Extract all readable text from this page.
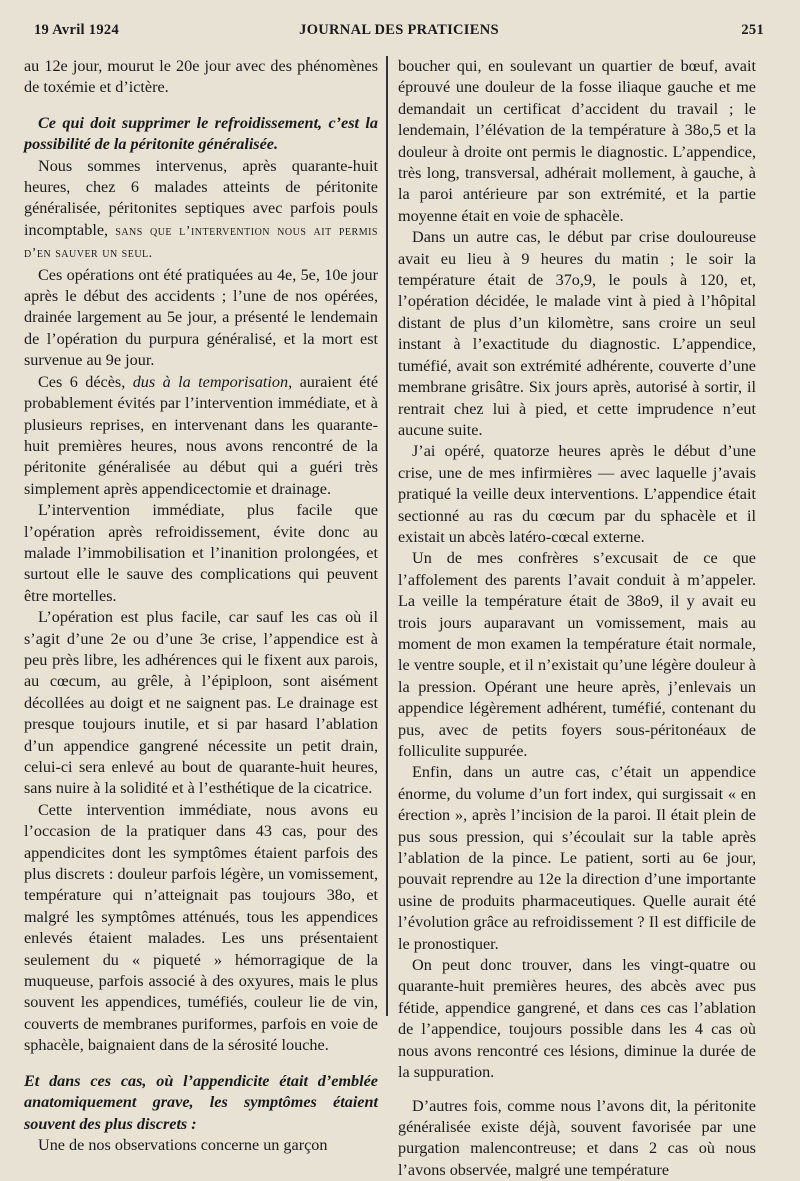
19 Avril 1924	JOURNAL DES PRATICIENS	251

au 12e jour, mourut le 20e jour avec des phénomènes de toxémie et d’ictère.

Ce qui doit supprimer le refroidissement, c’est la possibilité de la péritonite généralisée.

Nous sommes intervenus, après quarante-huit heures, chez 6 malades atteints de péritonite généralisée, péritonites septiques avec parfois pouls incomptable, sans que l’intervention nous ait permis d’en sauver un seul.

Ces opérations ont été pratiquées au 4e, 5e, 10e jour après le début des accidents ; l’une de nos opérées, drainée largement au 5e jour, a présenté le lendemain de l’opération du purpura généralisé, et la mort est survenue au 9e jour.

Ces 6 décès, dus à la temporisation, auraient été probablement évités par l’intervention immédiate, et à plusieurs reprises, en intervenant dans les quarante-huit premières heures, nous avons rencontré de la péritonite généralisée au début qui a guéri très simplement après appendicectomie et drainage.

L’intervention immédiate, plus facile que l’opération après refroidissement, évite donc au malade l’immobilisation et l’inanition prolongées, et surtout elle le sauve des complications qui peuvent être mortelles.

L’opération est plus facile, car sauf les cas où il s’agit d’une 2e ou d’une 3e crise, l’appendice est à peu près libre, les adhérences qui le fixent aux parois, au cœcum, au grêle, à l’épiploon, sont aisément décollées au doigt et ne saignent pas. Le drainage est presque toujours inutile, et si par hasard l’ablation d’un appendice gangrené nécessite un petit drain, celui-ci sera enlevé au bout de quarante-huit heures, sans nuire à la solidité et à l’esthétique de la cicatrice.

Cette intervention immédiate, nous avons eu l’occasion de la pratiquer dans 43 cas, pour des appendicites dont les symptômes étaient parfois des plus discrets : douleur parfois légère, un vomissement, température qui n’atteignait pas toujours 38o, et malgré les symptômes atténués, tous les appendices enlevés étaient malades. Les uns présentaient seulement du « piqueté » hémorragique de la muqueuse, parfois associé à des oxyures, mais le plus souvent les appendices, tuméfiés, couleur lie de vin, couverts de membranes puriformes, parfois en voie de sphacèle, baignaient dans de la sérosité louche.

Et dans ces cas, où l’appendicite était d’emblée anatomiquement grave, les symptômes étaient souvent des plus discrets :

Une de nos observations concerne un garçon

boucher qui, en soulevant un quartier de bœuf, avait éprouvé une douleur de la fosse iliaque gauche et me demandait un certificat d’accident du travail ; le lendemain, l’élévation de la température à 38o,5 et la douleur à droite ont permis le diagnostic. L’appendice, très long, transversal, adhérait mollement, à gauche, à la paroi antérieure par son extrémité, et la partie moyenne était en voie de sphacèle.

Dans un autre cas, le début par crise douloureuse avait eu lieu à 9 heures du matin ; le soir la température était de 37o,9, le pouls à 120, et, l’opération décidée, le malade vint à pied à l’hôpital distant de plus d’un kilomètre, sans croire un seul instant à l’exactitude du diagnostic. L’appendice, tuméfié, avait son extrémité adhérente, couverte d’une membrane grisâtre. Six jours après, autorisé à sortir, il rentrait chez lui à pied, et cette imprudence n’eut aucune suite.

J’ai opéré, quatorze heures après le début d’une crise, une de mes infirmières — avec laquelle j’avais pratiqué la veille deux interventions. L’appendice était sectionné au ras du cœcum par du sphacèle et il existait un abcès latéro-cœcal externe.

Un de mes confrères s’excusait de ce que l’affolement des parents l’avait conduit à m’appeler. La veille la température était de 38o9, il y avait eu trois jours auparavant un vomissement, mais au moment de mon examen la température était normale, le ventre souple, et il n’existait qu’une légère douleur à la pression. Opérant une heure après, j’enlevais un appendice légèrement adhérent, tuméfié, contenant du pus, avec de petits foyers sous-péritonéaux de folliculite suppurée.

Enfin, dans un autre cas, c’était un appendice énorme, du volume d’un fort index, qui surgissait « en érection », après l’incision de la paroi. Il était plein de pus sous pression, qui s’écoulait sur la table après l’ablation de la pince. Le patient, sorti au 6e jour, pouvait reprendre au 12e la direction d’une importante usine de produits pharmaceutiques. Quelle aurait été l’évolution grâce au refroidissement ? Il est difficile de le pronostiquer.

On peut donc trouver, dans les vingt-quatre ou quarante-huit premières heures, des abcès avec pus fétide, appendice gangrené, et dans ces cas l’ablation de l’appendice, toujours possible dans les 4 cas où nous avons rencontré ces lésions, diminue la durée de la suppuration.

D’autres fois, comme nous l’avons dit, la péritonite généralisée existe déjà, souvent favorisée par une purgation malencontreuse; et dans 2 cas où nous l’avons observée, malgré une température
